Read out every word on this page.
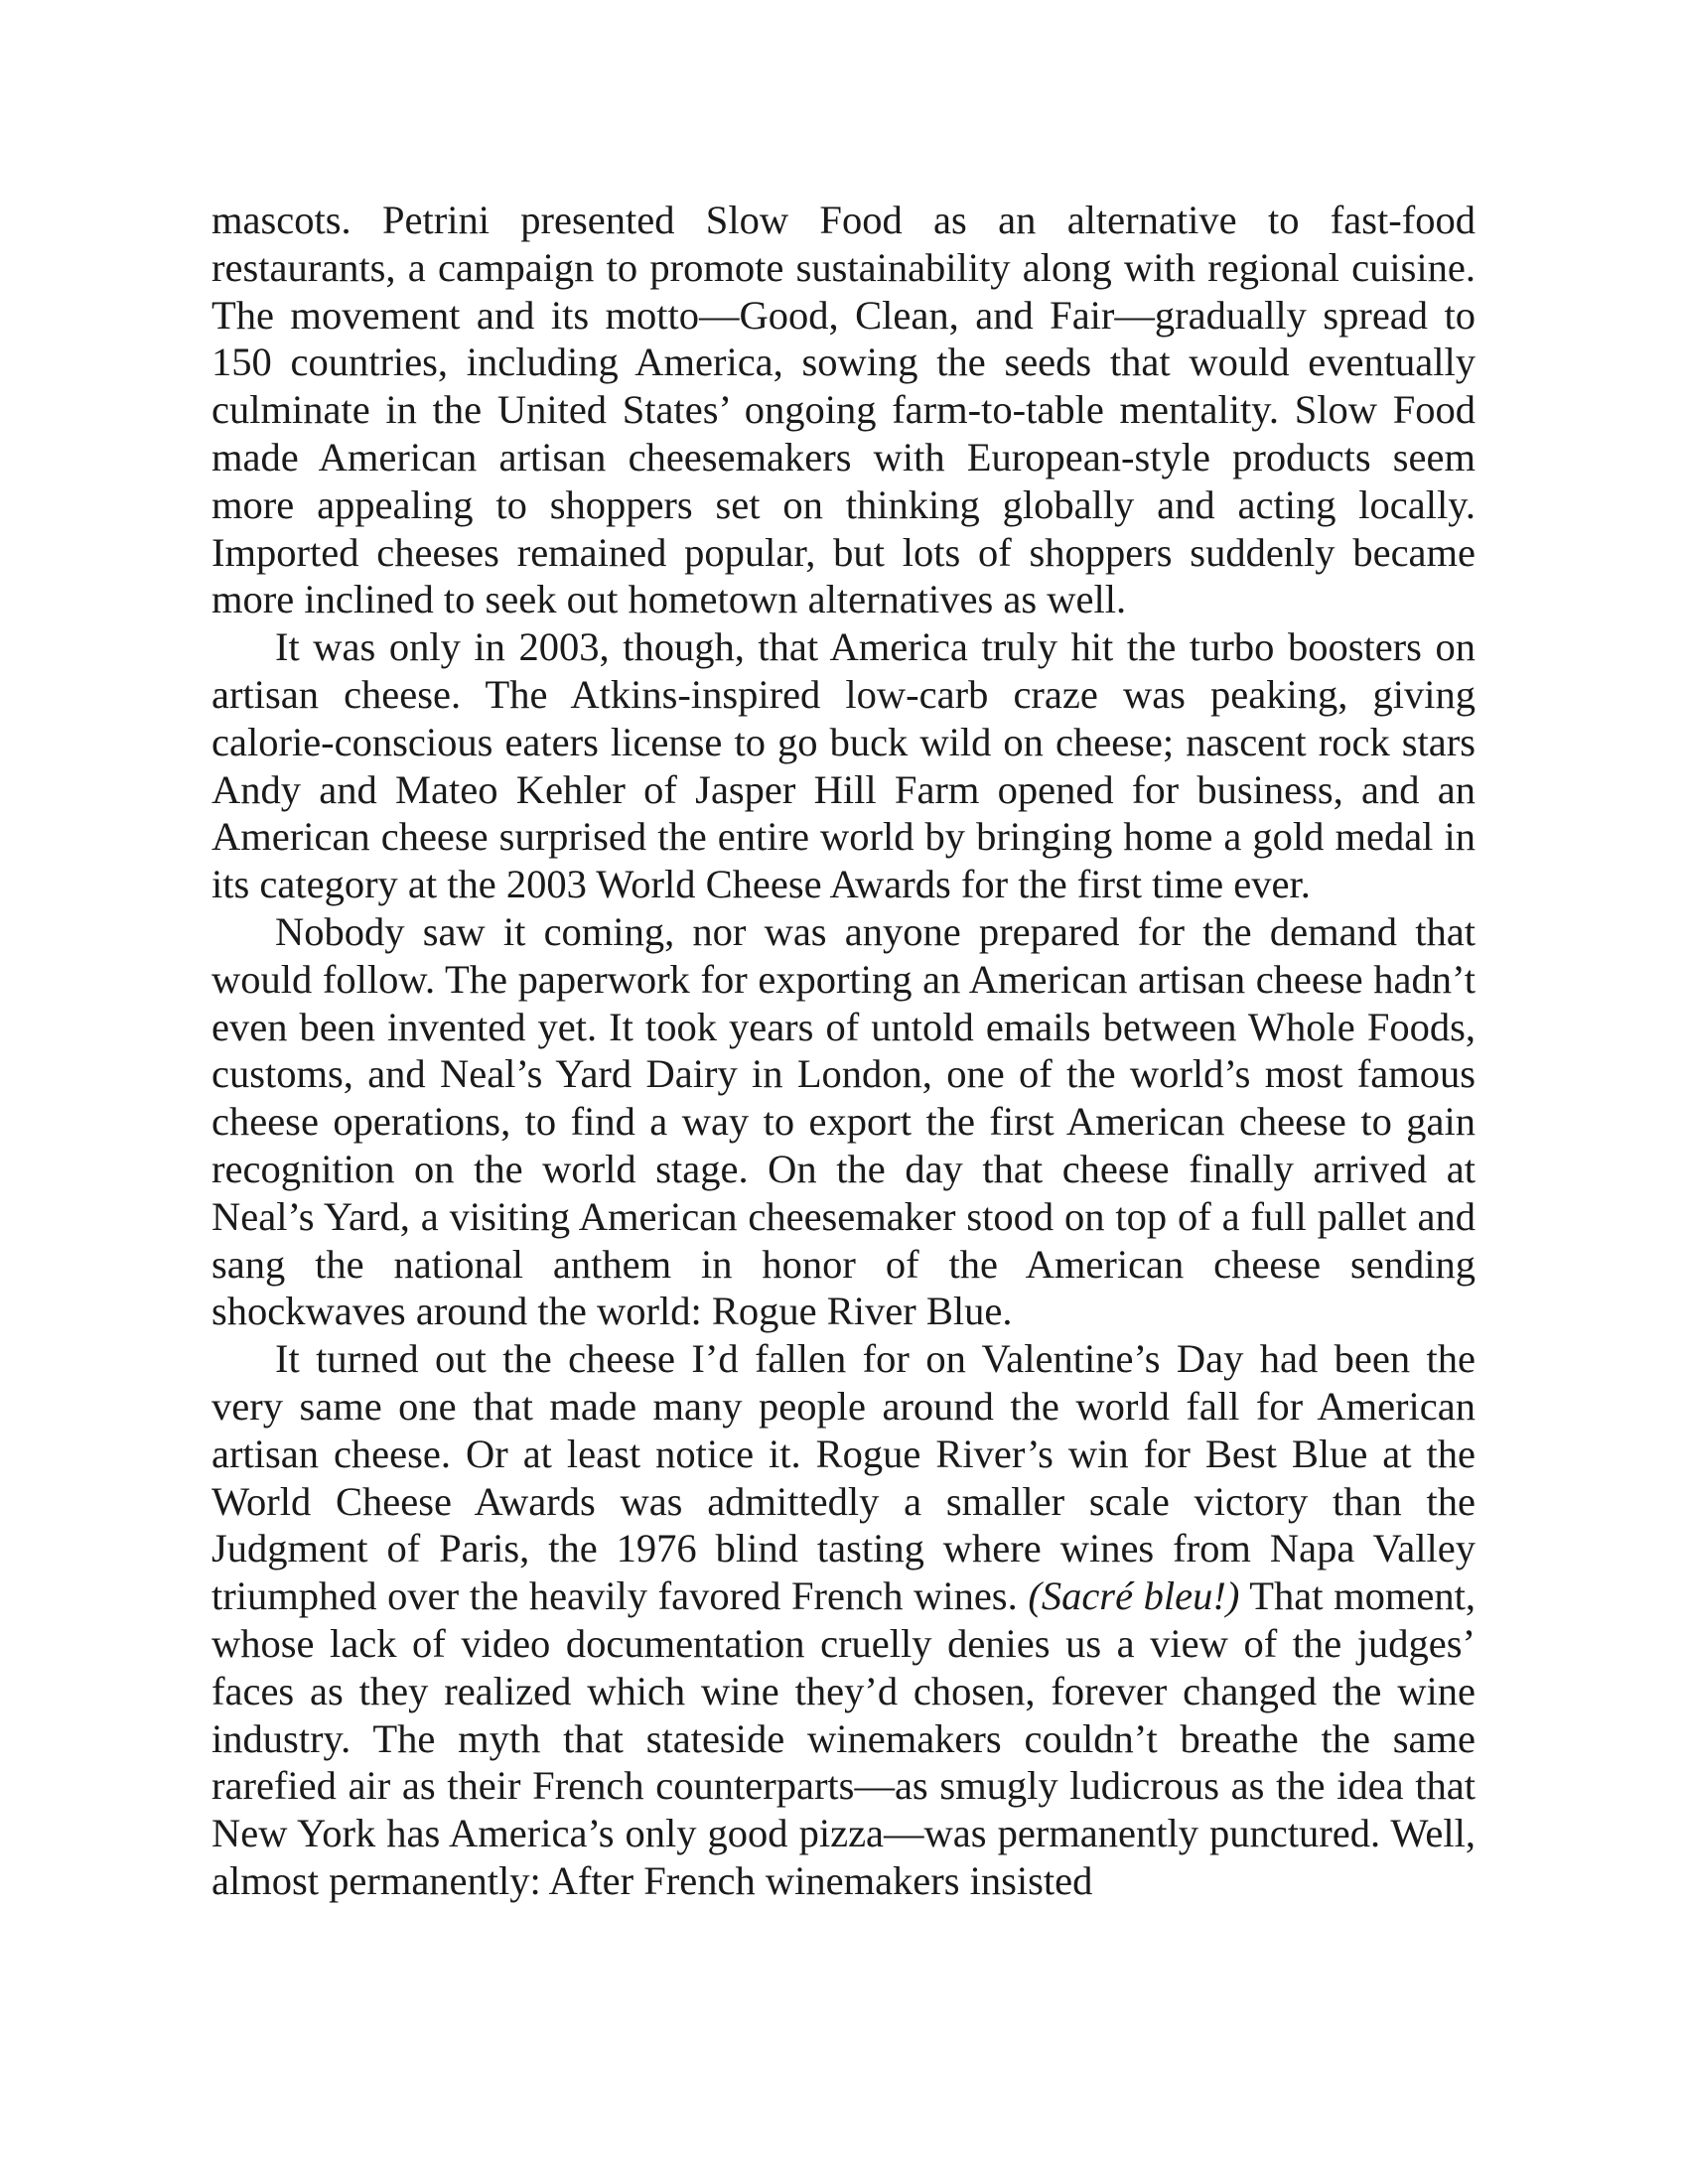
mascots. Petrini presented Slow Food as an alternative to fast-food restaurants, a campaign to promote sustainability along with regional cuisine. The movement and its motto—Good, Clean, and Fair—gradually spread to 150 countries, including America, sowing the seeds that would eventually culminate in the United States’ ongoing farm-to-table mentality. Slow Food made American artisan cheesemakers with European-style products seem more appealing to shoppers set on thinking globally and acting locally. Imported cheeses remained popular, but lots of shoppers suddenly became more inclined to seek out hometown alternatives as well.

It was only in 2003, though, that America truly hit the turbo boosters on artisan cheese. The Atkins-inspired low-carb craze was peaking, giving calorie-conscious eaters license to go buck wild on cheese; nascent rock stars Andy and Mateo Kehler of Jasper Hill Farm opened for business, and an American cheese surprised the entire world by bringing home a gold medal in its category at the 2003 World Cheese Awards for the first time ever.

Nobody saw it coming, nor was anyone prepared for the demand that would follow. The paperwork for exporting an American artisan cheese hadn’t even been invented yet. It took years of untold emails between Whole Foods, customs, and Neal’s Yard Dairy in London, one of the world’s most famous cheese operations, to find a way to export the first American cheese to gain recognition on the world stage. On the day that cheese finally arrived at Neal’s Yard, a visiting American cheesemaker stood on top of a full pallet and sang the national anthem in honor of the American cheese sending shockwaves around the world: Rogue River Blue.

It turned out the cheese I’d fallen for on Valentine’s Day had been the very same one that made many people around the world fall for American artisan cheese. Or at least notice it. Rogue River’s win for Best Blue at the World Cheese Awards was admittedly a smaller scale victory than the Judgment of Paris, the 1976 blind tasting where wines from Napa Valley triumphed over the heavily favored French wines. (Sacré bleu!) That moment, whose lack of video documentation cruelly denies us a view of the judges’ faces as they realized which wine they’d chosen, forever changed the wine industry. The myth that stateside winemakers couldn’t breathe the same rarefied air as their French counterparts—as smugly ludicrous as the idea that New York has America’s only good pizza—was permanently punctured. Well, almost permanently: After French winemakers insisted
